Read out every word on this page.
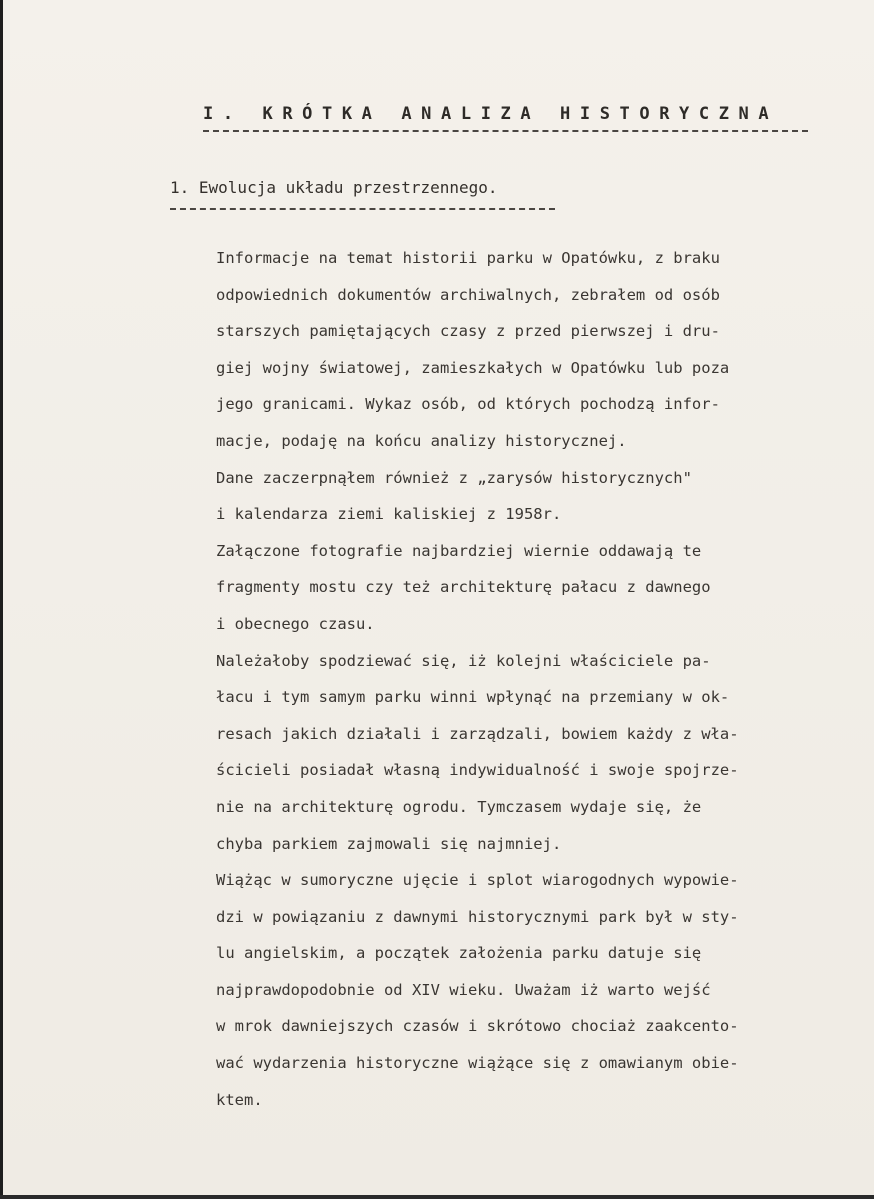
I. KRÓTKA ANALIZA HISTORYCZNA
1. Ewolucja układu przestrzennego.
Informacje na temat historii parku w Opatówku, z braku
odpowiednich dokumentów archiwalnych, zebrałem od osób
starszych pamiętających czasy z przed pierwszej i dru-
giej wojny światowej, zamieszkałych w Opatówku lub poza
jego granicami. Wykaz osób, od których pochodzą infor-
macje, podaję na końcu analizy historycznej.
Dane zaczerpnąłem również z „zarysów historycznych"
i kalendarza ziemi kaliskiej z 1958r.
Załączone fotografie najbardziej wiernie oddawają te
fragmenty mostu czy też architekturę pałacu z dawnego
i obecnego czasu.
Należałoby spodziewać się, iż kolejni właściciele pa-
łacu i tym samym parku winni wpłynąć na przemiany w ok-
resach jakich działali i zarządzali, bowiem każdy z wła-
ścicieli posiadał własną indywidualność i swoje spojrze-
nie na architekturę ogrodu. Tymczasem wydaje się, że
chyba parkiem zajmowali się najmniej.
Wiążąc w sumoryczne ujęcie i splot wiarogodnych wypowie-
dzi w powiązaniu z dawnymi historycznymi park był w sty-
lu angielskim, a początek założenia parku datuje się
najprawdopodobnie od XIV wieku. Uważam iż warto wejść
w mrok dawniejszych czasów i skrótowo chociaż zaakcento-
wać wydarzenia historyczne wiążące się z omawianym obie-
ktem.
